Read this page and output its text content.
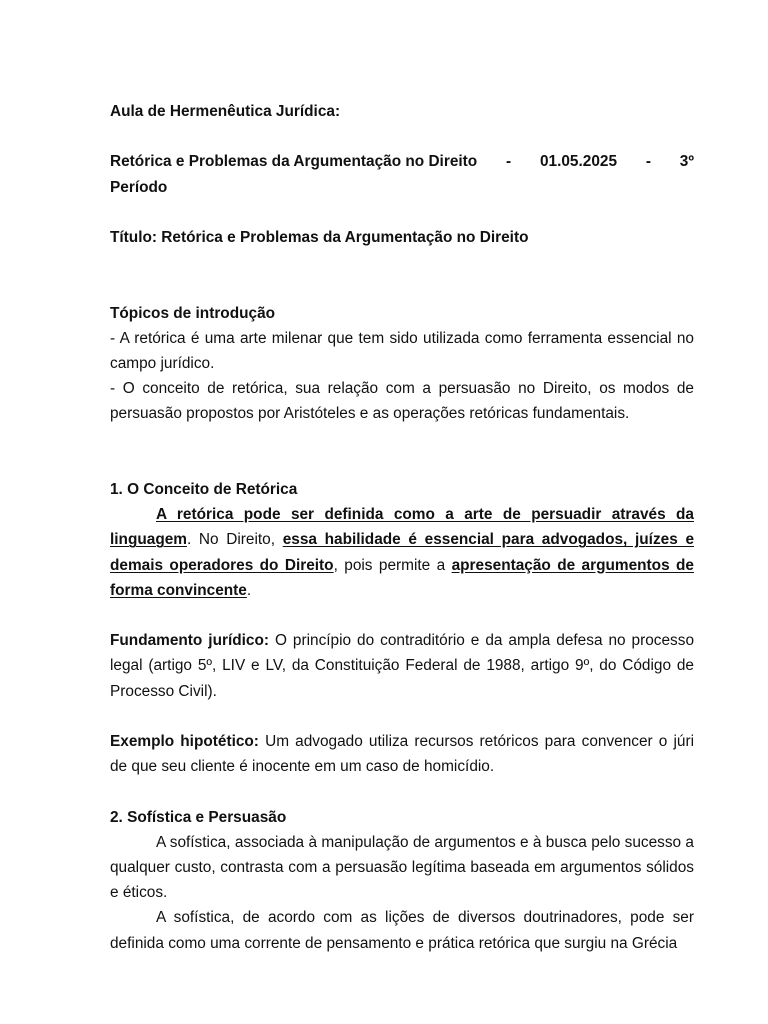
Aula de Hermenêutica Jurídica:

Retórica e Problemas da Argumentação no Direito - 01.05.2025 - 3º

Período

Título: Retórica e Problemas da Argumentação no Direito

Tópicos de introdução

- A retórica é uma arte milenar que tem sido utilizada como ferramenta essencial no campo jurídico.

- O conceito de retórica, sua relação com a persuasão no Direito, os modos de persuasão propostos por Aristóteles e as operações retóricas fundamentais.

1. O Conceito de Retórica

A retórica pode ser definida como a arte de persuadir através da linguagem. No Direito, essa habilidade é essencial para advogados, juízes e demais operadores do Direito, pois permite a apresentação de argumentos de forma convincente.

Fundamento jurídico: O princípio do contraditório e da ampla defesa no processo legal (artigo 5º, LIV e LV, da Constituição Federal de 1988, artigo 9º, do Código de Processo Civil).

Exemplo hipotético: Um advogado utiliza recursos retóricos para convencer o júri de que seu cliente é inocente em um caso de homicídio.

2. Sofística e Persuasão

A sofística, associada à manipulação de argumentos e à busca pelo sucesso a qualquer custo, contrasta com a persuasão legítima baseada em argumentos sólidos e éticos.

A sofística, de acordo com as lições de diversos doutrinadores, pode ser definida como uma corrente de pensamento e prática retórica que surgiu na Grécia
